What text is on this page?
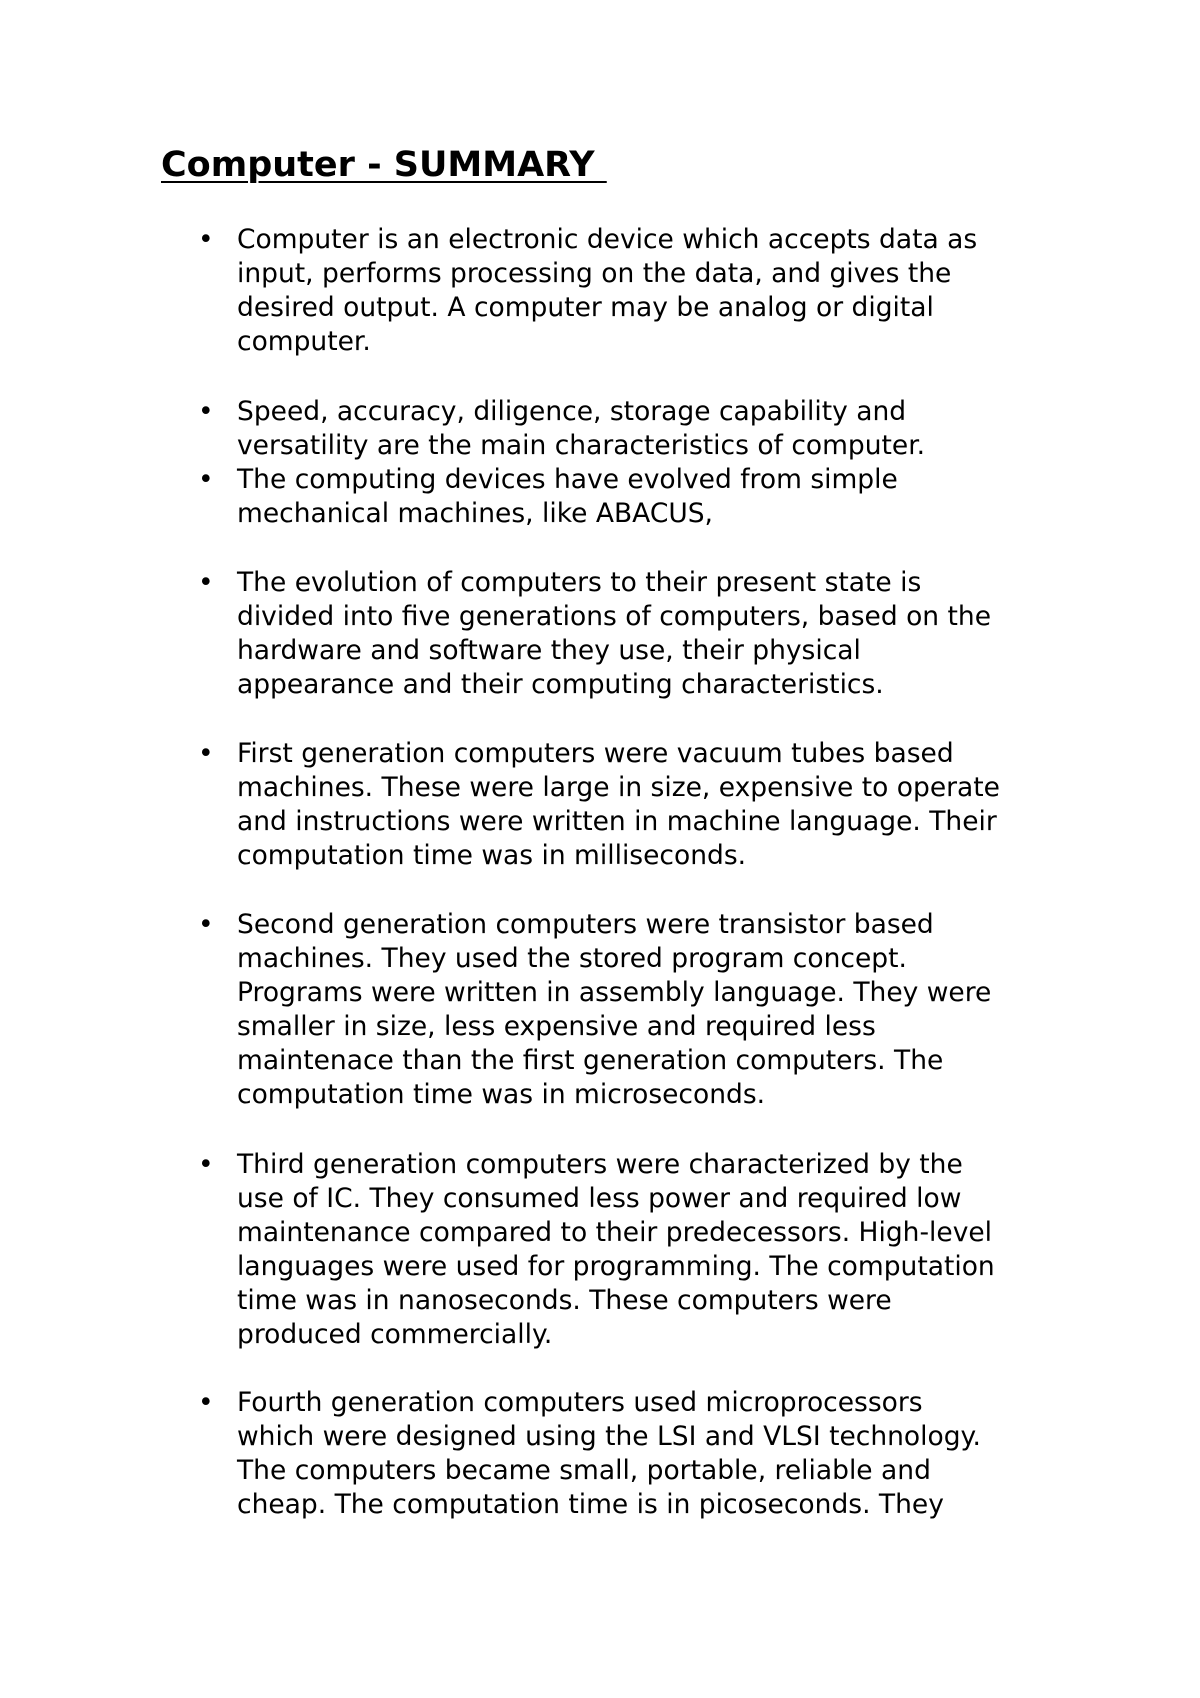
Computer - SUMMARY
• Computer is an electronic device which accepts data as
input, performs processing on the data, and gives the
desired output. A computer may be analog or digital
computer.
• Speed, accuracy, diligence, storage capability and
versatility are the main characteristics of computer.
• The computing devices have evolved from simple
mechanical machines, like ABACUS,
• The evolution of computers to their present state is
divided into five generations of computers, based on the
hardware and software they use, their physical
appearance and their computing characteristics.
• First generation computers were vacuum tubes based
machines. These were large in size, expensive to operate
and instructions were written in machine language. Their
computation time was in milliseconds.
• Second generation computers were transistor based
machines. They used the stored program concept.
Programs were written in assembly language. They were
smaller in size, less expensive and required less
maintenace than the first generation computers. The
computation time was in microseconds.
• Third generation computers were characterized by the
use of IC. They consumed less power and required low
maintenance compared to their predecessors. High-level
languages were used for programming. The computation
time was in nanoseconds. These computers were
produced commercially.
• Fourth generation computers used microprocessors
which were designed using the LSI and VLSI technology.
The computers became small, portable, reliable and
cheap. The computation time is in picoseconds. They
